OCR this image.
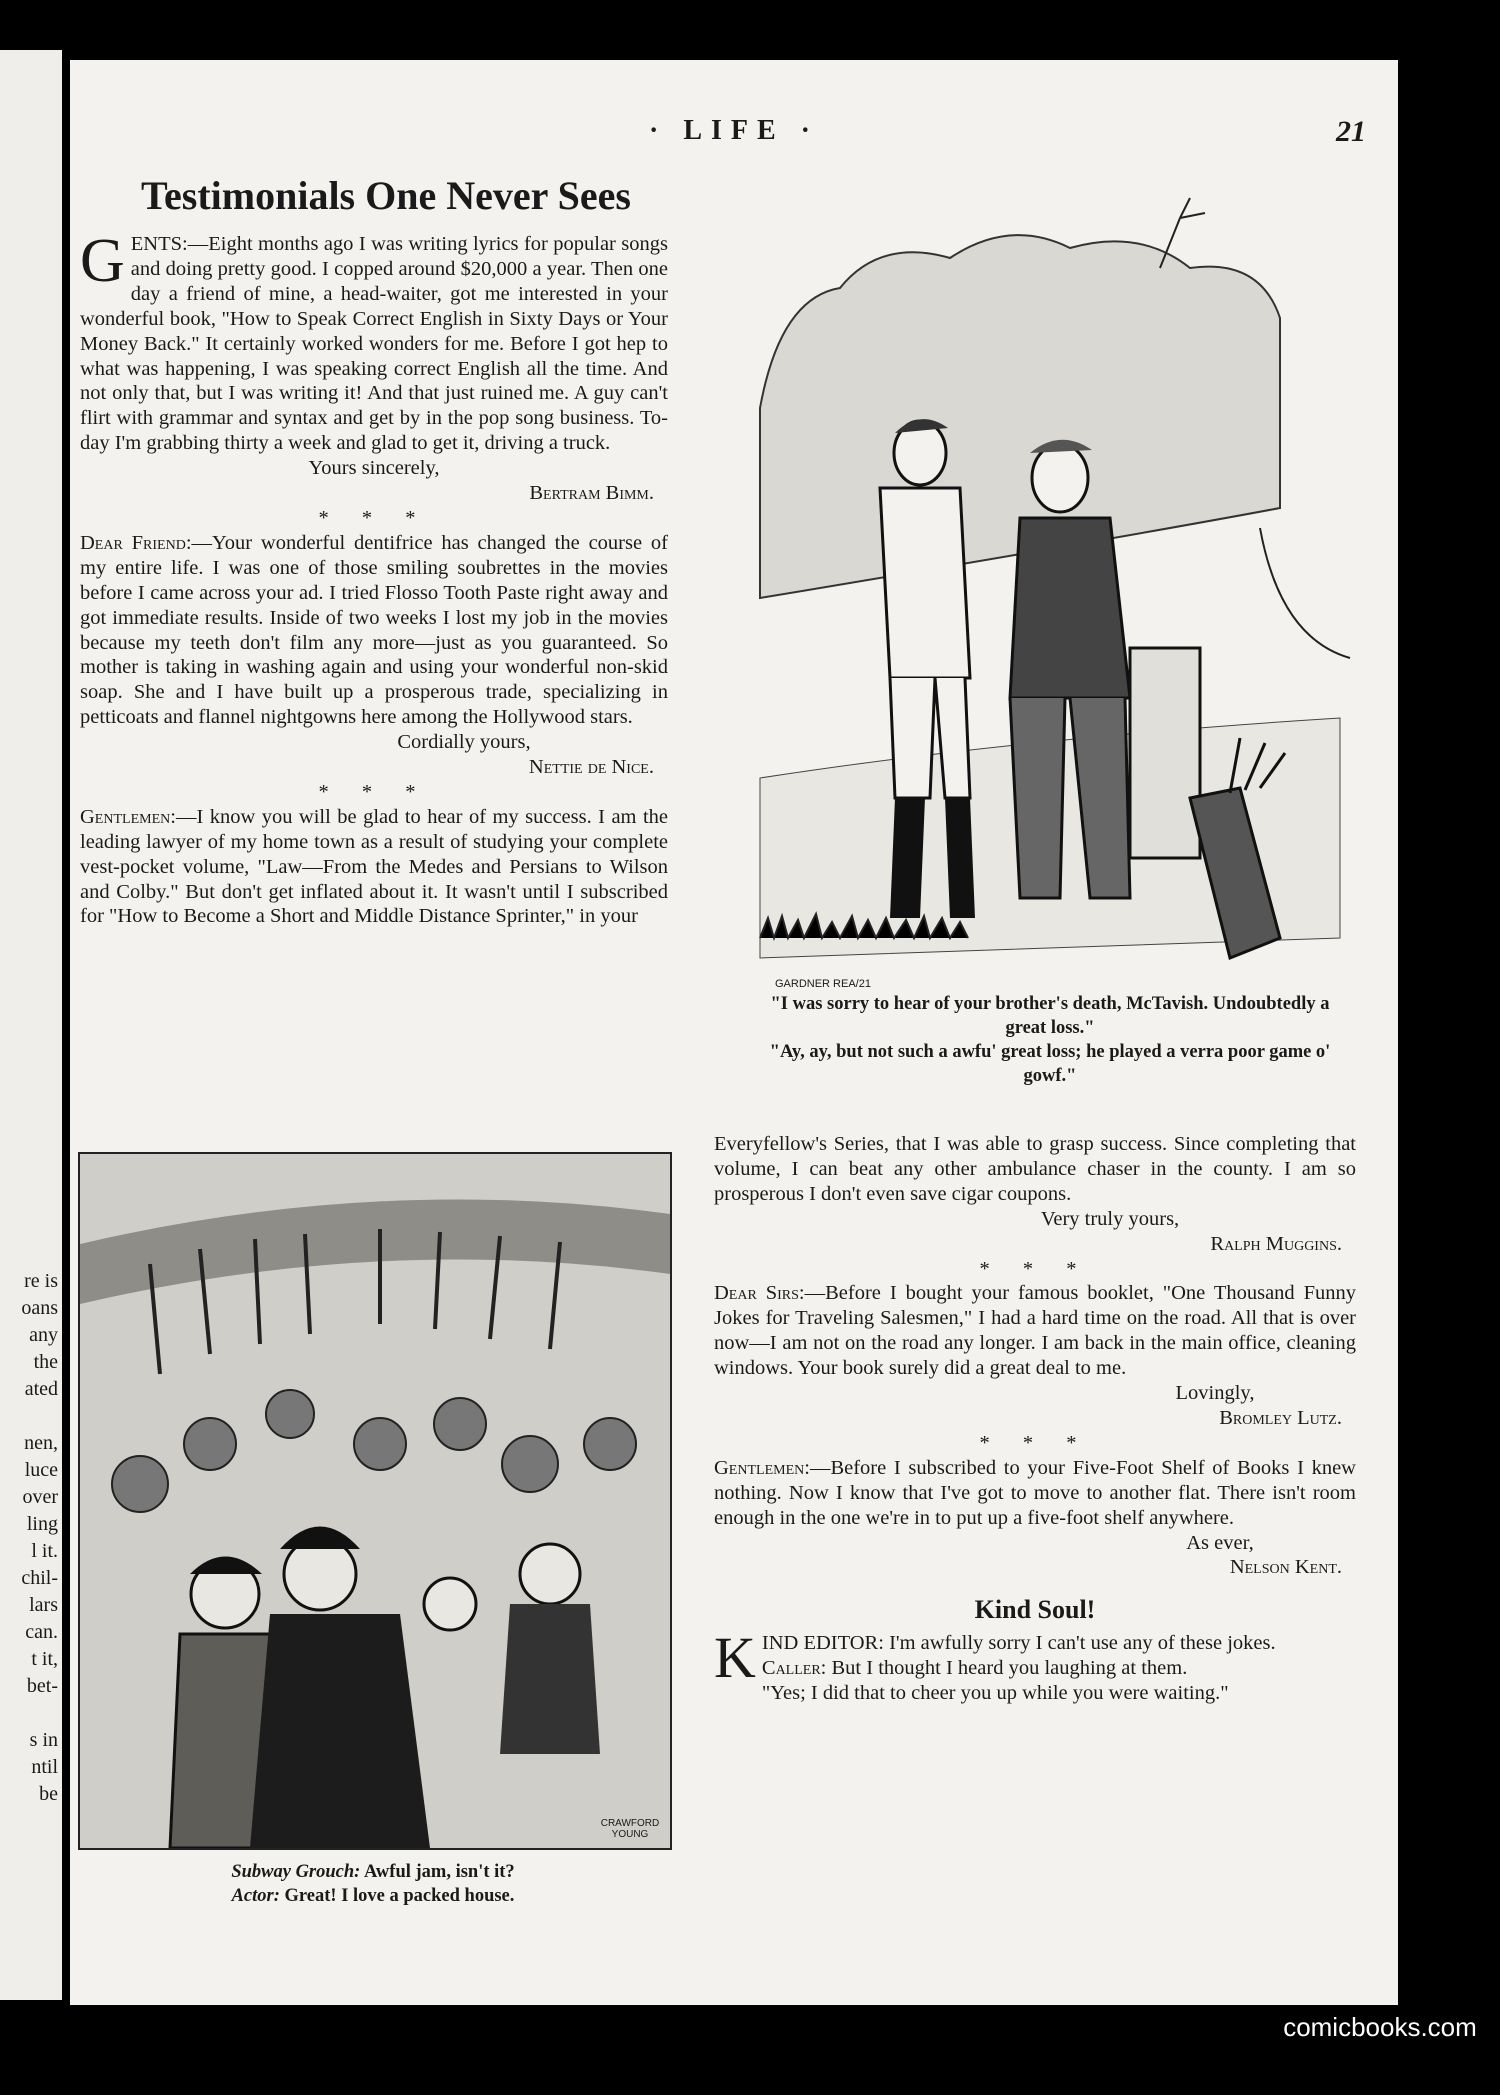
re is
oans
any
the
ated

nen,
luce
over
ling
l it.
chil-
lars
can.
t it,
bet-

s in
ntil
be
· LIFE ·	21
Testimonials One Never Sees

GENTS:—Eight months ago I was writing lyrics for popular songs and doing pretty good. I copped around $20,000 a year. Then one day a friend of mine, a head-waiter, got me interested in your wonderful book, "How to Speak Correct English in Sixty Days or Your Money Back." It certainly worked wonders for me. Before I got hep to what was happening, I was speaking correct English all the time. And not only that, but I was writing it! And that just ruined me. A guy can't flirt with grammar and syntax and get by in the pop song business. To-day I'm grabbing thirty a week and glad to get it, driving a truck.

Yours sincerely,

Bertram Bimm.

* * *

Dear Friend:—Your wonderful dentifrice has changed the course of my entire life. I was one of those smiling soubrettes in the movies before I came across your ad. I tried Flosso Tooth Paste right away and got immediate results. Inside of two weeks I lost my job in the movies because my teeth don't film any more—just as you guaranteed. So mother is taking in washing again and using your wonderful non-skid soap. She and I have built up a prosperous trade, specializing in petticoats and flannel nightgowns here among the Hollywood stars.

Cordially yours,

Nettie de Nice.

* * *

Gentlemen:—I know you will be glad to hear of my success. I am the leading lawyer of my home town as a result of studying your complete vest-pocket volume, "Law—From the Medes and Persians to Wilson and Colby." But don't get inflated about it. It wasn't until I subscribed for "How to Become a Short and Middle Distance Sprinter," in your

GARDNER REA/21
"I was sorry to hear of your brother's death, McTavish. Undoubtedly a great loss."
"Ay, ay, but not such a awfu' great loss; he played a verra poor game o' gowf."
CRAWFORD YOUNG
Subway Grouch: Awful jam, isn't it?
Actor: Great! I love a packed house.

Everyfellow's Series, that I was able to grasp success. Since completing that volume, I can beat any other ambulance chaser in the county. I am so prosperous I don't even save cigar coupons.

Very truly yours,

Ralph Muggins.

* * *

Dear Sirs:—Before I bought your famous booklet, "One Thousand Funny Jokes for Traveling Salesmen," I had a hard time on the road. All that is over now—I am not on the road any longer. I am back in the main office, cleaning windows. Your book surely did a great deal to me.

Lovingly,

Bromley Lutz.

* * *

Gentlemen:—Before I subscribed to your Five-Foot Shelf of Books I knew nothing. Now I know that I've got to move to another flat. There isn't room enough in the one we're in to put up a five-foot shelf anywhere.

As ever,

Nelson Kent.

Kind Soul!

KIND EDITOR: I'm awfully sorry I can't use any of these jokes.

Caller: But I thought I heard you laughing at them.

"Yes; I did that to cheer you up while you were waiting."

comicbooks.com
